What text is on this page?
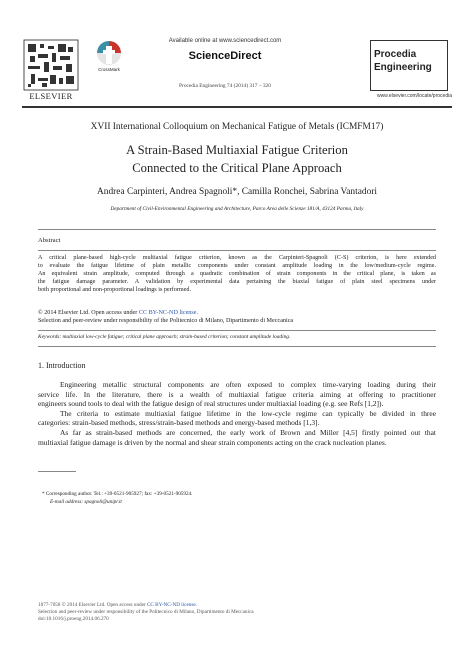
ELSEVIER
CrossMark
Available online at www.sciencedirect.com
ScienceDirect
Procedia Engineering 74 (2014) 317 – 320
Procedia
Engineering
www.elsevier.com/locate/procedia
XVII International Colloquium on Mechanical Fatigue of Metals (ICMFM17)
A Strain-Based Multiaxial Fatigue Criterion
Connected to the Critical Plane Approach
Andrea Carpinteri, Andrea Spagnoli*, Camilla Ronchei, Sabrina Vantadori
Department of Civil-Environmental Engineering and Architecture, Parco Area delle Scienze 181/A, 43124 Parma, Italy
Abstract
A critical plane-based high-cycle multiaxial fatigue criterion, known as the Carpinteri-Spagnoli (C-S) criterion, is here extended
to evaluate the fatigue lifetime of plain metallic components under constant amplitude loading in the low/medium-cycle regime.
An equivalent strain amplitude, computed through a quadratic combination of strain components in the critical plane, is taken as
the fatigue damage parameter. A validation by experimental data pertaining the biaxial fatigue of plain steel specimens under
both proportional and non-proportional loadings is performed.
© 2014 Elsevier Ltd. Open access under CC BY-NC-ND license.
Selection and peer-review under responsibility of the Politecnico di Milano, Dipartimento di Meccanica
Keywords: multiaxial low-cycle fatigue; critical plane approach; strain-based criterion; constant amplitude loading.
1. Introduction
Engineering metallic structural components are often exposed to complex time-varying loading during their
service life. In the literature, there is a wealth of multiaxial fatigue criteria aiming at offering to practitioner
engineers sound tools to deal with the fatigue design of real structures under multiaxial loading (e.g. see Refs [1,2]).
The criteria to estimate multiaxial fatigue lifetime in the low-cycle regime can typically be divided in three
categories: strain-based methods, stress/strain-based methods and energy-based methods [1,3].
As far as strain-based methods are concerned, the early work of Brown and Miller [4,5] firstly pointed out that
multiaxial fatigue damage is driven by the normal and shear strain components acting on the crack nucleation planes.
* Corresponding author. Tel.: +39-0521-905927; fax: +39-0521-905924.
E-mail address: spagnoli@unipr.it
1877-7058 © 2014 Elsevier Ltd. Open access under CC BY-NC-ND license.
Selection and peer-review under responsibility of the Politecnico di Milano, Dipartimento di Meccanica
doi:10.1016/j.proeng.2014.06.270
